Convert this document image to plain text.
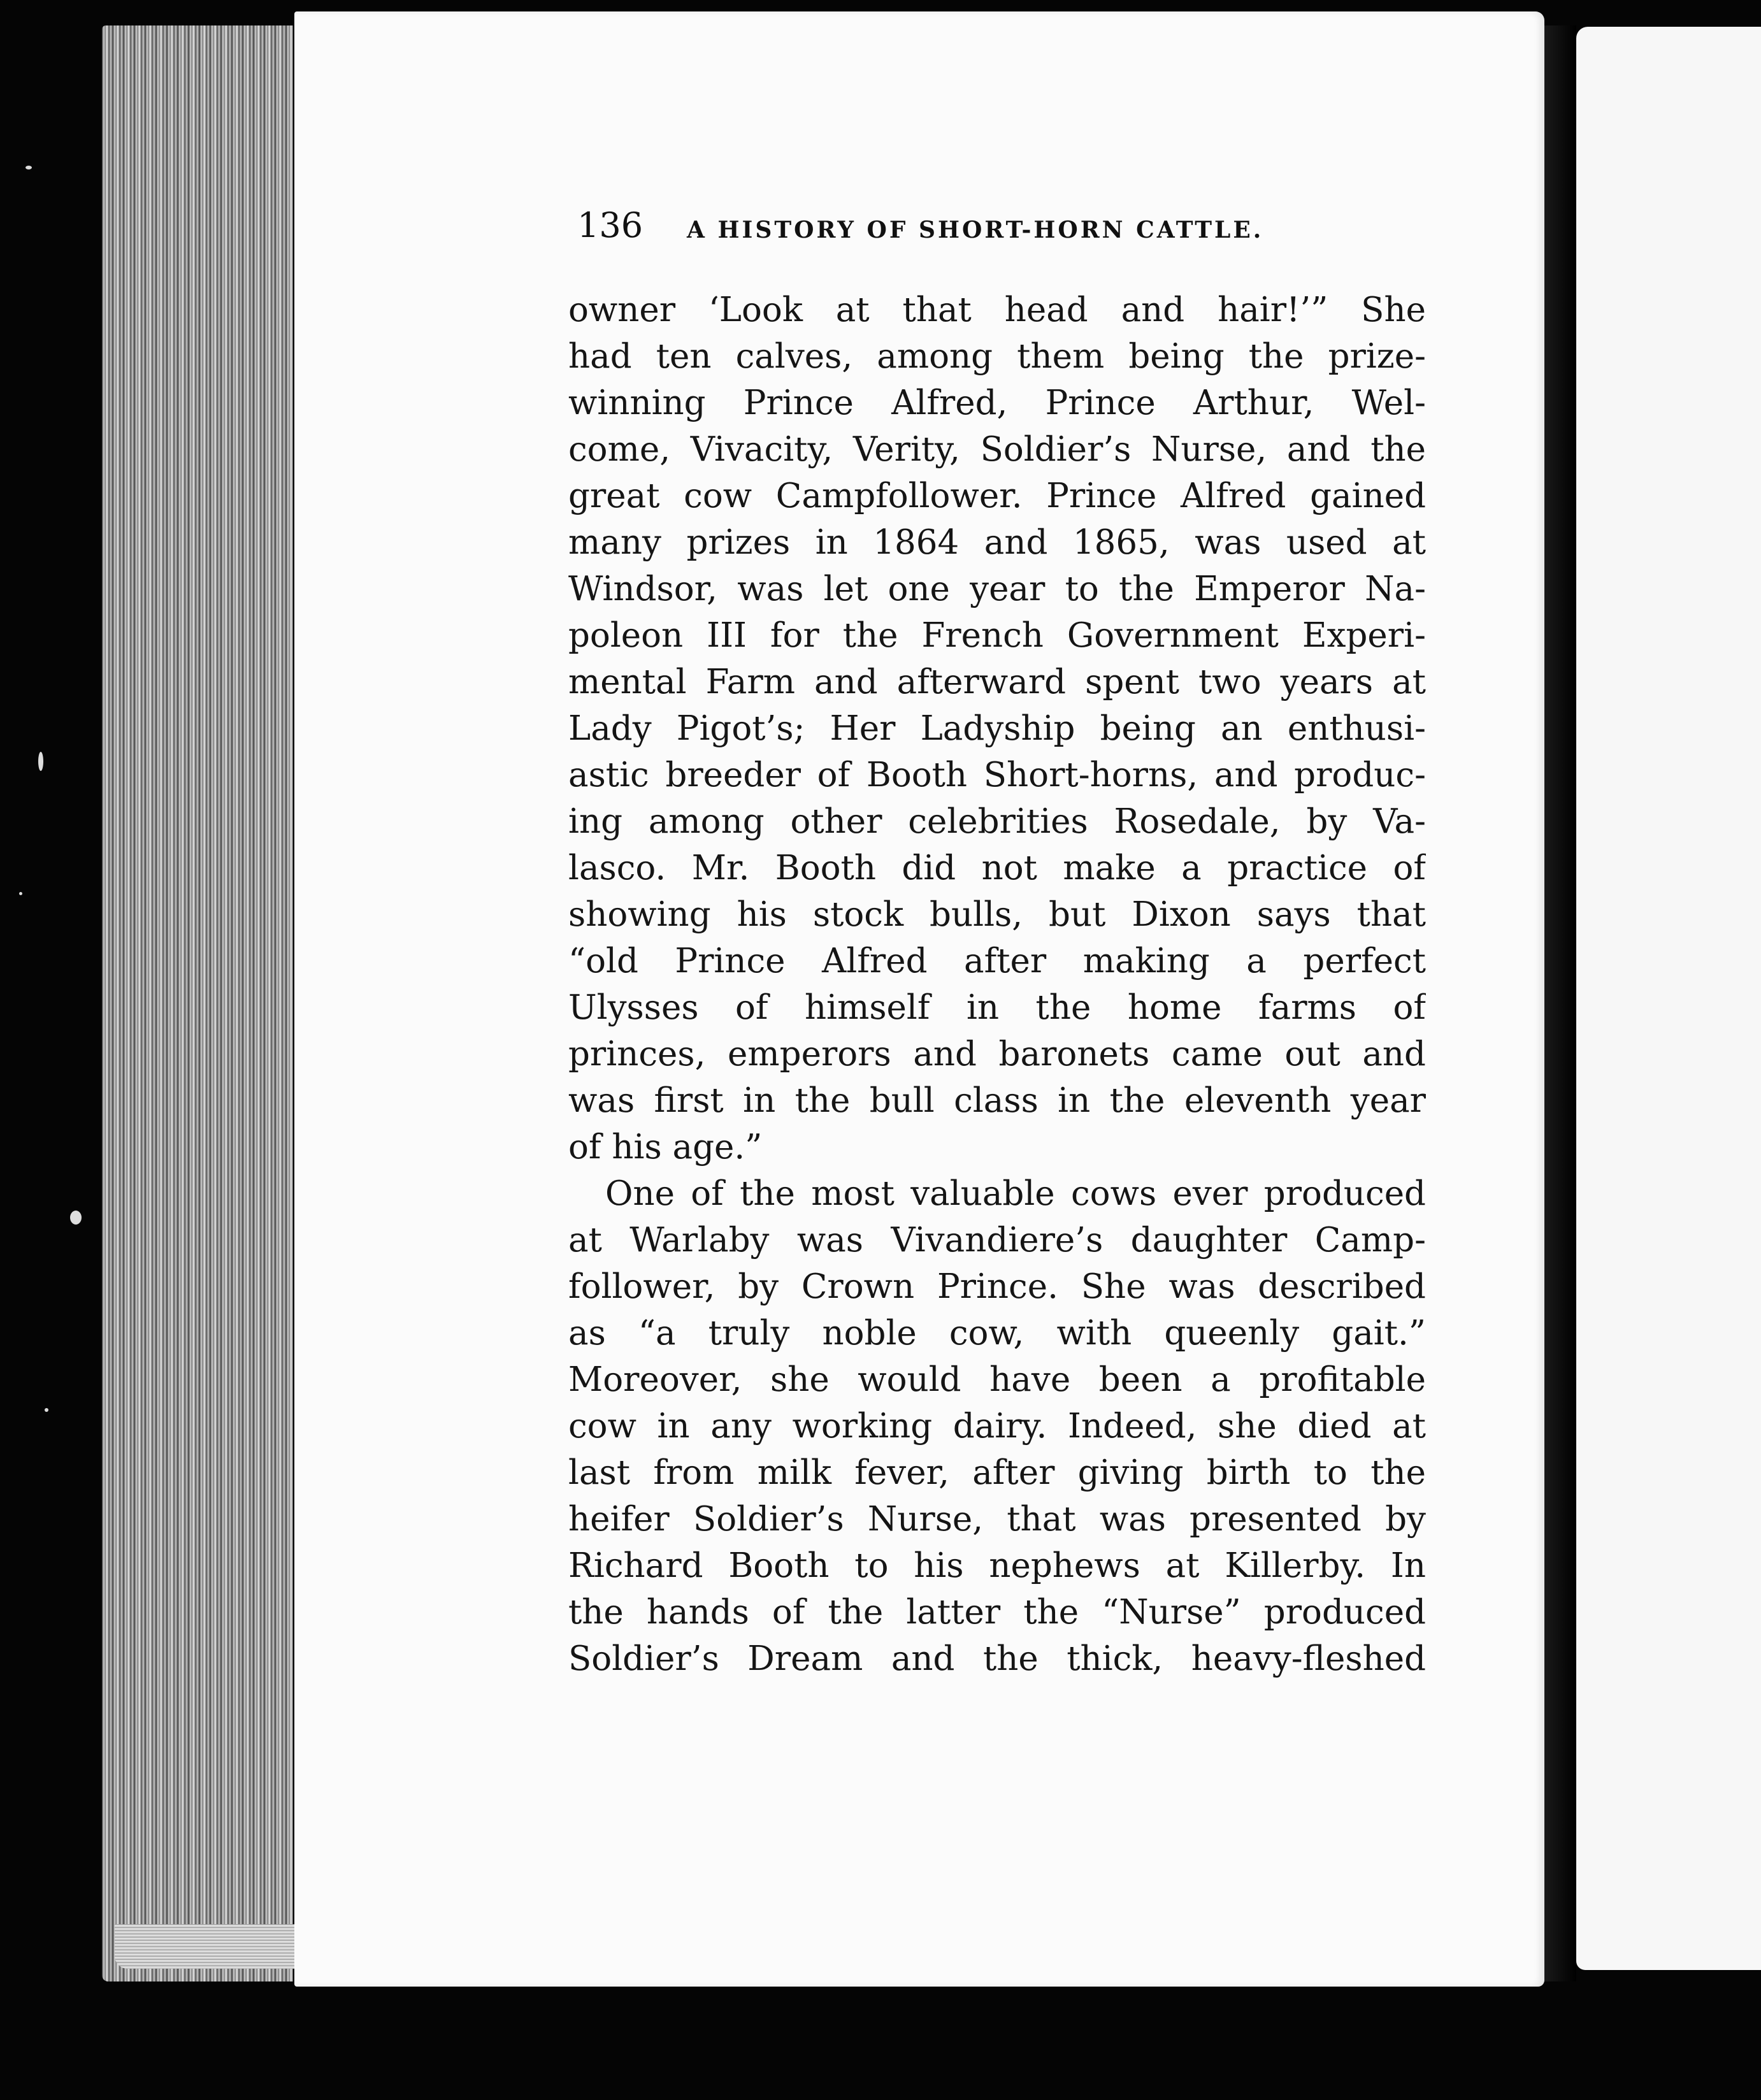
136 A HISTORY OF SHORT-HORN CATTLE.
owner ‘Look at that head and hair!’” She
had ten calves, among them being the prize-
winning Prince Alfred, Prince Arthur, Wel-
come, Vivacity, Verity, Soldier’s Nurse, and the
great cow Campfollower. Prince Alfred gained
many prizes in 1864 and 1865, was used at
Windsor, was let one year to the Emperor Na-
poleon III for the French Government Experi-
mental Farm and afterward spent two years at
Lady Pigot’s; Her Ladyship being an enthusi-
astic breeder of Booth Short-horns, and produc-
ing among other celebrities Rosedale, by Va-
lasco. Mr. Booth did not make a practice of
showing his stock bulls, but Dixon says that
“old Prince Alfred after making a perfect
Ulysses of himself in the home farms of
princes, emperors and baronets came out and
was first in the bull class in the eleventh year
of his age.”
One of the most valuable cows ever produced
at Warlaby was Vivandiere’s daughter Camp-
follower, by Crown Prince. She was described
as “a truly noble cow, with queenly gait.”
Moreover, she would have been a profitable
cow in any working dairy. Indeed, she died at
last from milk fever, after giving birth to the
heifer Soldier’s Nurse, that was presented by
Richard Booth to his nephews at Killerby. In
the hands of the latter the “Nurse” produced
Soldier’s Dream and the thick, heavy-fleshed
